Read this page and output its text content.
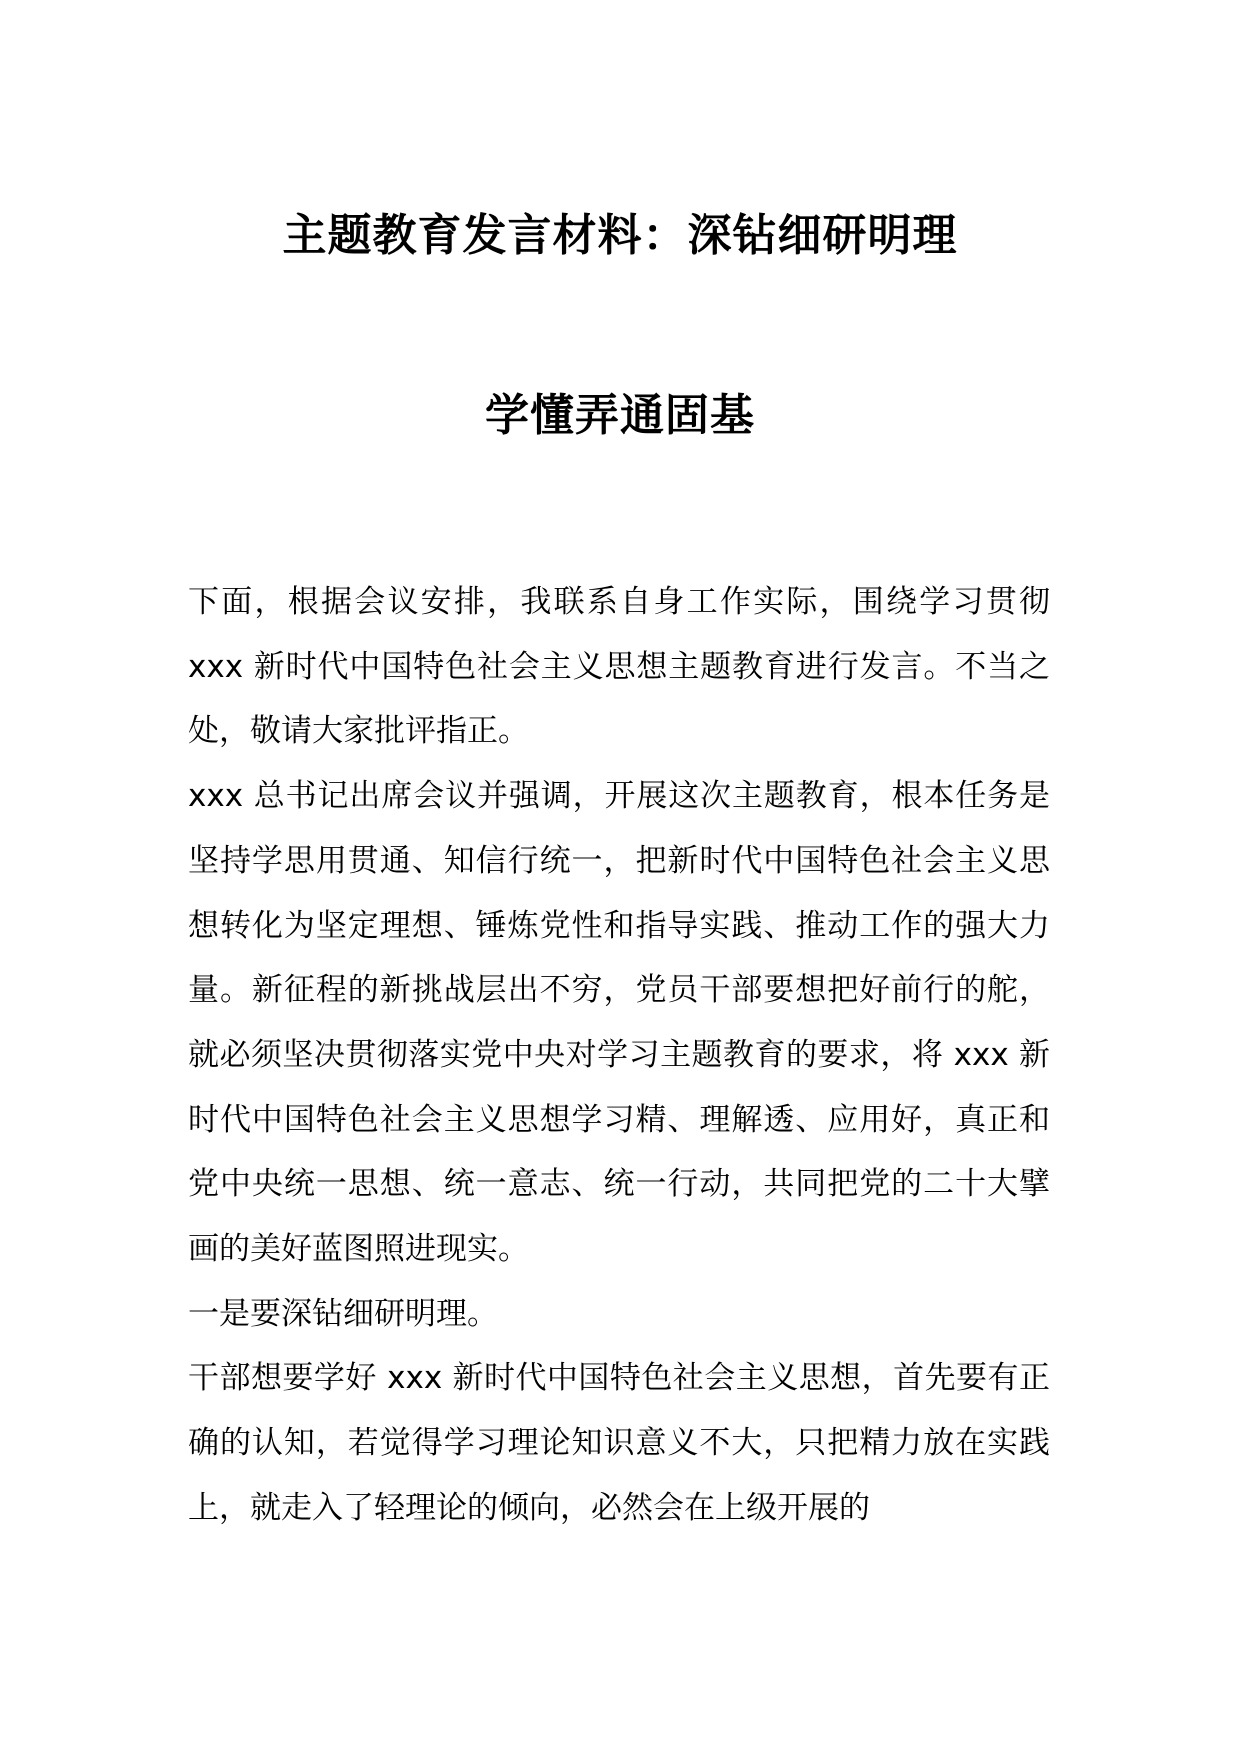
主题教育发言材料：深钻细研明理
学懂弄通固基

下面，根据会议安排，我联系自身工作实际，围绕学习贯彻 xxx 新时代中国特色社会主义思想主题教育进行发言。不当之处，敬请大家批评指正。

xxx 总书记出席会议并强调，开展这次主题教育，根本任务是坚持学思用贯通、知信行统一，把新时代中国特色社会主义思想转化为坚定理想、锤炼党性和指导实践、推动工作的强大力量。新征程的新挑战层出不穷，党员干部要想把好前行的舵，就必须坚决贯彻落实党中央对学习主题教育的要求，将 xxx 新时代中国特色社会主义思想学习精、理解透、应用好，真正和党中央统一思想、统一意志、统一行动，共同把党的二十大擘画的美好蓝图照进现实。

一是要深钻细研明理。

干部想要学好 xxx 新时代中国特色社会主义思想，首先要有正确的认知，若觉得学习理论知识意义不大，只把精力放在实践上，就走入了轻理论的倾向，必然会在上级开展的
